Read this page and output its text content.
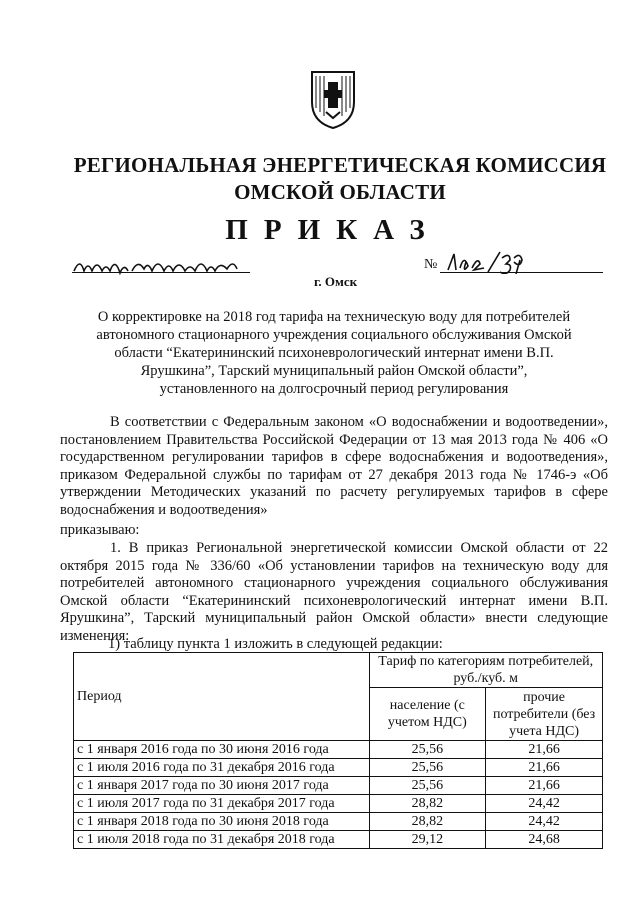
РЕГИОНАЛЬНАЯ ЭНЕРГЕТИЧЕСКАЯ КОМИССИЯ ОМСКОЙ ОБЛАСТИ
ПРИКАЗ
г. Омск
№
О корректировке на 2018 год тарифа на техническую воду для потребителей автономного стационарного учреждения социального обслуживания Омской области “Екатерининский психоневрологический интернат имени В.П. Ярушкина”, Тарский муниципальный район Омской области”, установленного на долгосрочный период регулирования
В соответствии с Федеральным законом «О водоснабжении и водоотведении», постановлением Правительства Российской Федерации от 13 мая 2013 года № 406 «О государственном регулировании тарифов в сфере водоснабжения и водоотведения», приказом Федеральной службы по тарифам от 27 декабря 2013 года № 1746-э «Об утверждении Методических указаний по расчету регулируемых тарифов в сфере водоснабжения и водоотведения»
приказываю:
1. В приказ Региональной энергетической комиссии Омской области от 22 октября 2015 года № 336/60 «Об установлении тарифов на техническую воду для потребителей автономного стационарного учреждения социального обслуживания Омской области “Екатерининский психоневрологический интернат имени В.П. Ярушкина”, Тарский муниципальный район Омской области» внести следующие изменения:
1) таблицу пункта 1 изложить в следующей редакции:
Период	Тариф по категориям потребителей, руб./куб. м	
	население (с учетом НДС)	прочие потребители (без учета НДС)
с 1 января 2016 года по 30 июня 2016 года	25,56	21,66
с 1 июля 2016 года по 31 декабря 2016 года	25,56	21,66
с 1 января 2017 года по 30 июня 2017 года	25,56	21,66
с 1 июля 2017 года по 31 декабря 2017 года	28,82	24,42
с 1 января 2018 года по 30 июня 2018 года	28,82	24,42
с 1 июля 2018 года по 31 декабря 2018 года	29,12	24,68
